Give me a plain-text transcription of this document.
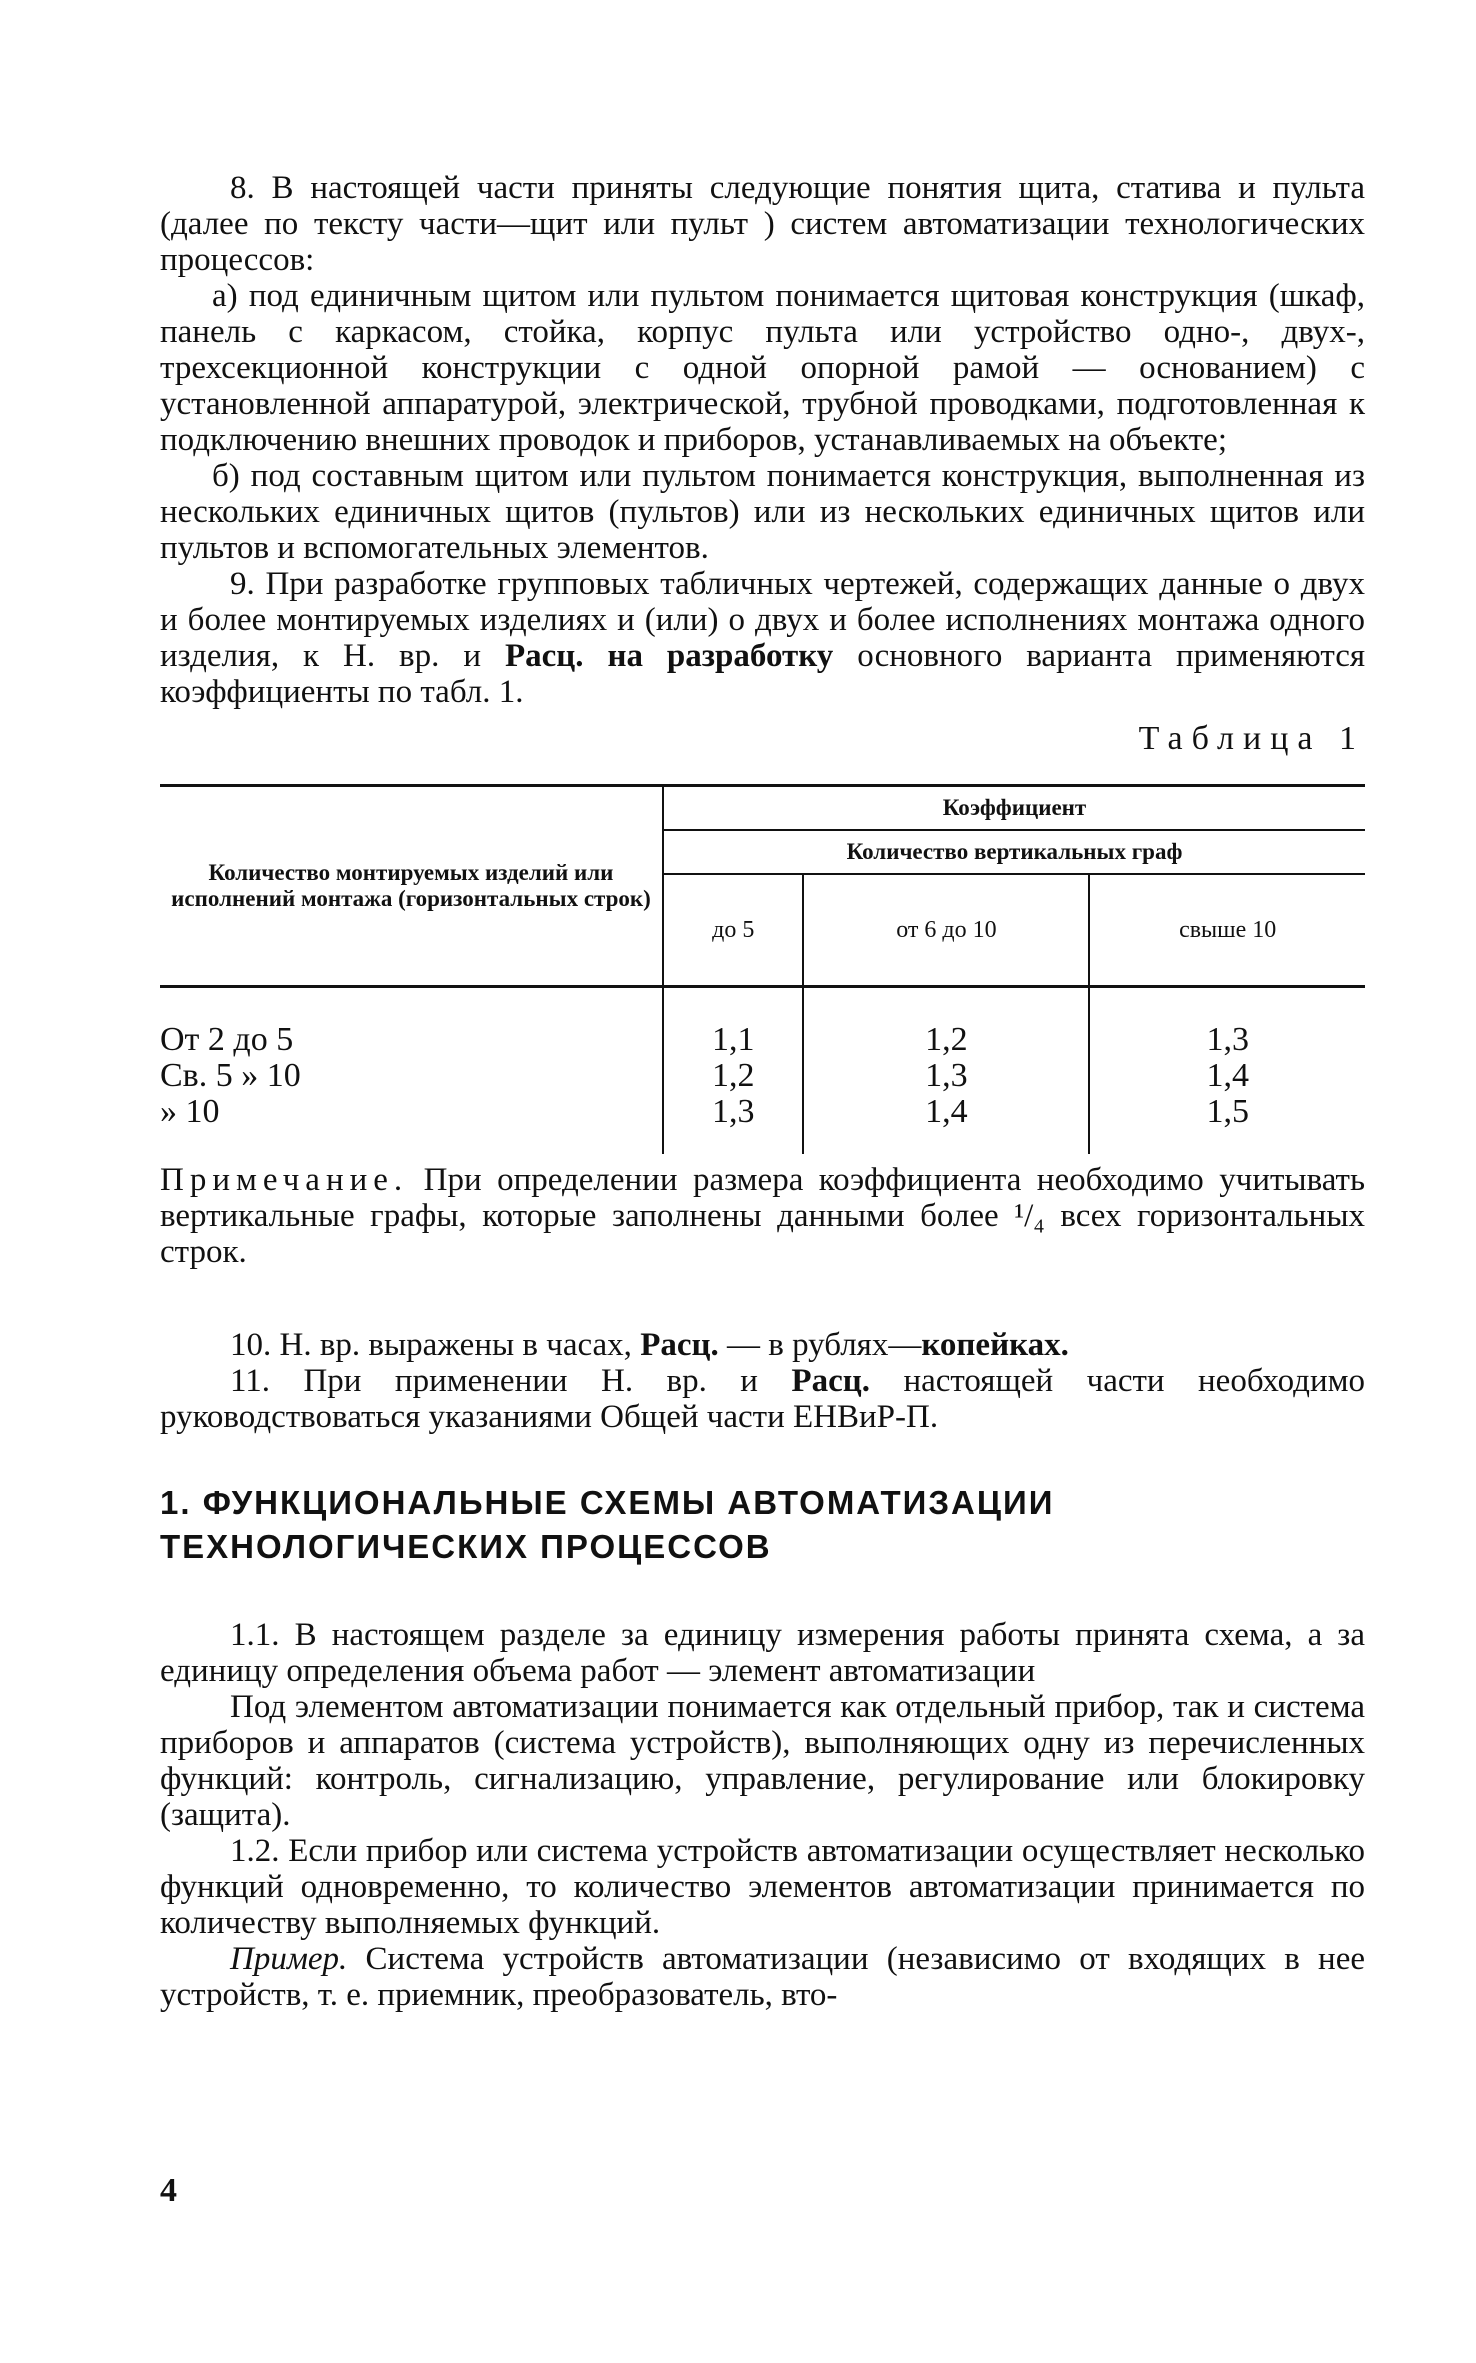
8. В настоящей части приняты следующие понятия щита, статива и пульта (далее по тексту части—щит или пульт ) систем автоматизации технологических процессов:

а) под единичным щитом или пультом понимается щитовая конструкция (шкаф, панель с каркасом, стойка, корпус пульта или устройство одно-, двух-, трехсекционной конструкции с одной опорной рамой — основанием) с установленной аппаратурой, электрической, трубной проводками, подготовленная к подключению внешних проводок и приборов, устанавливаемых на объекте;

б) под составным щитом или пультом понимается конструкция, выполненная из нескольких единичных щитов (пультов) или из нескольких единичных щитов или пультов и вспомогательных элементов.

9. При разработке групповых табличных чертежей, содержащих данные о двух и более монтируемых изделиях и (или) о двух и более исполнениях монтажа одного изделия, к Н. вр. и Расц. на разработку основного варианта применяются коэффициенты по табл. 1.

Таблица 1
Количество монтируемых изделий или исполнений монтажа (горизонтальных строк)	Коэффициент		
	Количество вертикальных граф		
	до 5	от 6 до 10	свыше 10
От 2 до 5	1,1	1,2	1,3
Св. 5 » 10	1,2	1,3	1,4
» 10	1,3	1,4	1,5

Примечание. При определении размера коэффициента необходимо учитывать вертикальные графы, которые заполнены данными более ¹/₄ всех горизонтальных строк.

10. Н. вр. выражены в часах, Расц. — в рублях—копейках.

11. При применении Н. вр. и Расц. настоящей части необходимо руководствоваться указаниями Общей части ЕНВиР-П.

1. ФУНКЦИОНАЛЬНЫЕ СХЕМЫ АВТОМАТИЗАЦИИ
ТЕХНОЛОГИЧЕСКИХ ПРОЦЕССОВ

1.1. В настоящем разделе за единицу измерения работы принята схема, а за единицу определения объема работ — элемент автоматизации

Под элементом автоматизации понимается как отдельный прибор, так и система приборов и аппаратов (система устройств), выполняющих одну из перечисленных функций: контроль, сигнализацию, управление, регулирование или блокировку (защита).

1.2. Если прибор или система устройств автоматизации осуществляет несколько функций одновременно, то количество элементов автоматизации принимается по количеству выполняемых функций.

Пример. Система устройств автоматизации (независимо от входящих в нее устройств, т. е. приемник, преобразователь, вто-

4
